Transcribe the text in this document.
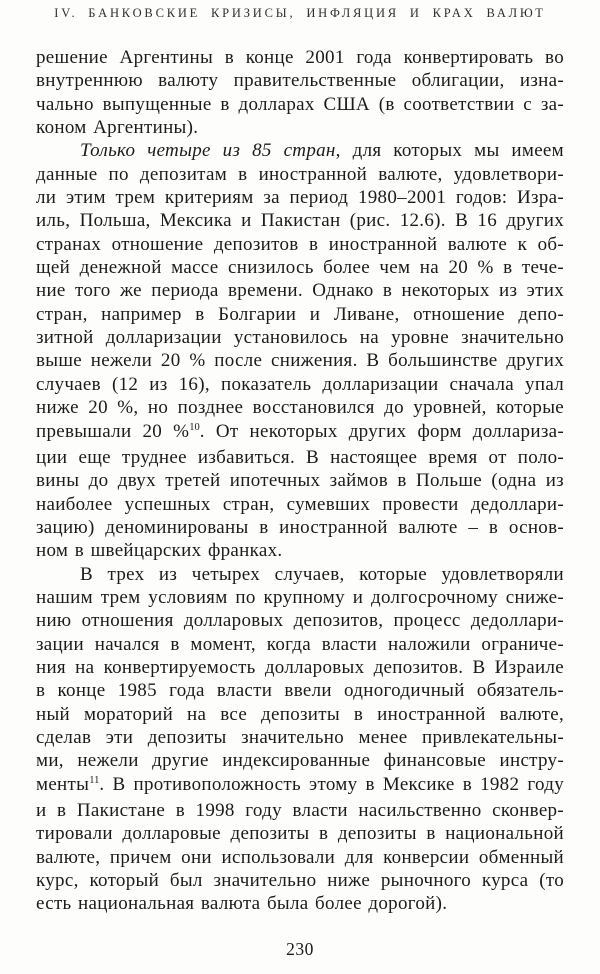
IV. БАНКОВСКИЕ КРИЗИСЫ, ИНФЛЯЦИЯ И КРАХ ВАЛЮТ
решение Аргентины в конце 2001 года конвертировать во
внутреннюю валюту правительственные облигации, изна-
чально выпущенные в долларах США (в соответствии с за-
коном Аргентины).
Только четыре из 85 стран, для которых мы имеем
данные по депозитам в иностранной валюте, удовлетвори-
ли этим трем критериям за период 1980–2001 годов: Изра-
иль, Польша, Мексика и Пакистан (рис. 12.6). В 16 других
странах отношение депозитов в иностранной валюте к об-
щей денежной массе снизилось более чем на 20 % в тече-
ние того же периода времени. Однако в некоторых из этих
стран, например в Болгарии и Ливане, отношение депо-
зитной долларизации установилось на уровне значительно
выше нежели 20 % после снижения. В большинстве других
случаев (12 из 16), показатель долларизации сначала упал
ниже 20 %, но позднее восстановился до уровней, которые
превышали 20 %$^{10}$. От некоторых других форм доллариза-
ции еще труднее избавиться. В настоящее время от поло-
вины до двух третей ипотечных займов в Польше (одна из
наиболее успешных стран, сумевших провести дедоллари-
зацию) деноминированы в иностранной валюте – в основ-
ном в швейцарских франках.
В трех из четырех случаев, которые удовлетворяли
нашим трем условиям по крупному и долгосрочному сниже-
нию отношения долларовых депозитов, процесс дедоллари-
зации начался в момент, когда власти наложили ограниче-
ния на конвертируемость долларовых депозитов. В Израиле
в конце 1985 года власти ввели одногодичный обязатель-
ный мораторий на все депозиты в иностранной валюте,
сделав эти депозиты значительно менее привлекательны-
ми, нежели другие индексированные финансовые инстру-
менты$^{11}$. В противоположность этому в Мексике в 1982 году
и в Пакистане в 1998 году власти насильственно сконвер-
тировали долларовые депозиты в депозиты в национальной
валюте, причем они использовали для конверсии обменный
курс, который был значительно ниже рыночного курса (то
есть национальная валюта была более дорогой).
230
